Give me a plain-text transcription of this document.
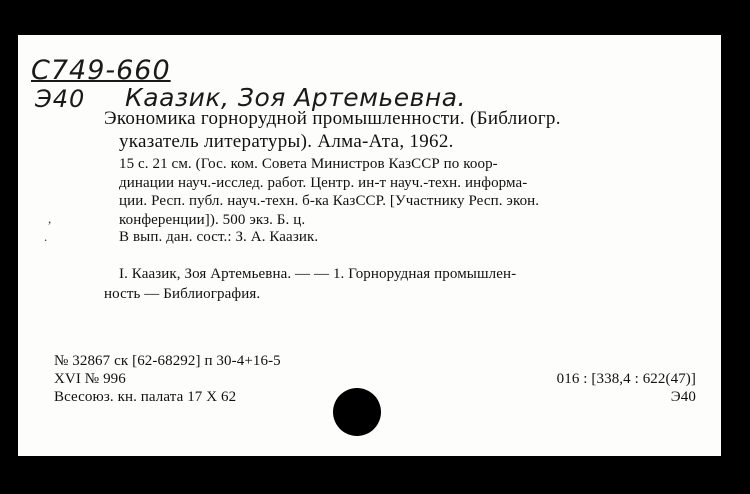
C749-660
Э40 Каазик, Зоя Артемьевна.
Экономика горнорудной промышленности. (Библиогр.
указатель литературы). Алма-Ата, 1962.
15 с. 21 см. (Гос. ком. Совета Министров КазССР по коор-
динации науч.-исслед. работ. Центр. ин-т науч.-техн. информа-
ции. Респ. публ. науч.-техн. б-ка КазССР. [Участнику Респ. экон.
конференции]). 500 экз. Б. ц.
В вып. дан. сост.: З. А. Каазик.
I. Каазик, Зоя Артемьевна. — — 1. Горнорудная промышлен-
ность — Библиография.
№ 32867 ск [62-68292] п 30-4+16-5
XVI № 996
Всесоюз. кн. палата 17 X 62
016 : [338,4 : 622(47)]
Э40
,
.
